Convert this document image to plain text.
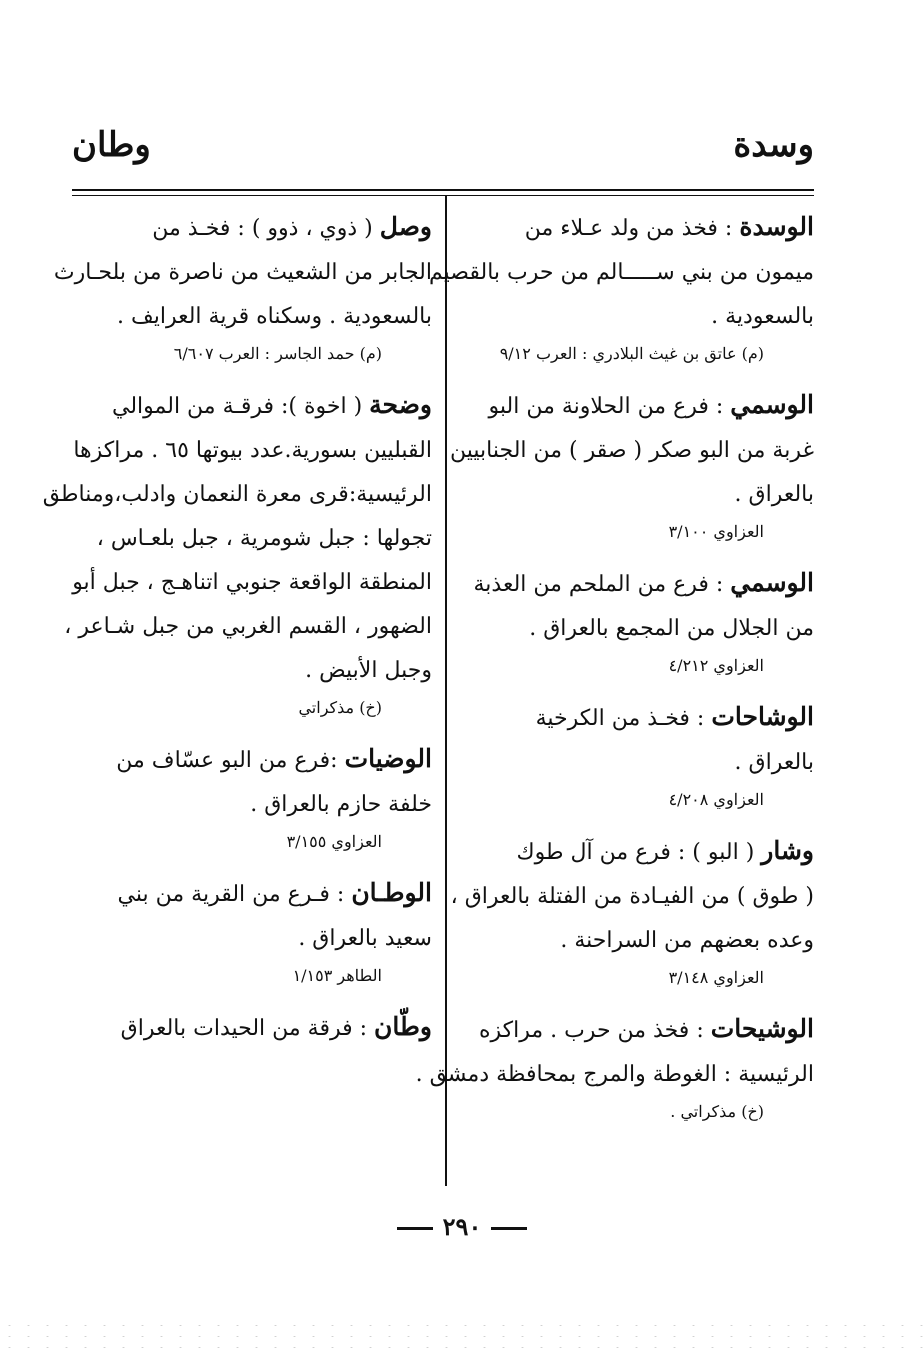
وسدة
وطان
الوسدة : فخذ من ولد عـلاء من
ميمون من بني ســـــالم من حرب بالقصيم
بالسعودية .
(م) عاتق بن غيث البلادري : العرب ٩/١٢
الوسمي : فرع من الحلاونة من البو
غربة من البو صكر ( صقر ) من الجنابيين
بالعراق .
العزاوي ٣/١٠٠
الوسمي : فرع من الملحم من العذبة
من الجلال من المجمع بالعراق .
العزاوي ٤/٢١٢
الوشاحات : فخـذ من الكرخية
بالعراق .
العزاوي ٤/٢٠٨
وشار ( البو ) : فرع من آل طوك
( طوق ) من الفيـادة من الفتلة بالعراق ،
وعده بعضهم من السراحنة .
العزاوي ٣/١٤٨
الوشيحات : فخذ من حرب . مراكزه
الرئيسية : الغوطة والمرج بمحافظة دمشق .
(خ) مذكراتي .
وصل ( ذوي ، ذوو ) : فخـذ من
الجابر من الشعيث من ناصرة من بلحـارث
بالسعودية . وسكناه قرية العرايف .
(م) حمد الجاسر : العرب ٦/٦٠٧
وضحة ( اخوة ): فرقـة من الموالي
القبليين بسورية.عدد بيوتها ٦٥ . مراكزها
الرئيسية:قرى معرة النعمان وادلب،ومناطق
تجولها : جبل شومرية ، جبل بلعـاس ،
المنطقة الواقعة جنوبي اتناهـج ، جبل أبو
الضهور ، القسم الغربي من جبل شـاعر ،
وجبل الأبيض .
(خ) مذكراتي
الوضيات :فرع من البو عسّاف من
خلفة حازم بالعراق .
العزاوي ٣/١٥٥
الوطـان : فـرع من القرية من بني
سعيد بالعراق .
الطاهر ١/١٥٣
وطّان : فرقة من الحيدات بالعراق
٢٩٠
